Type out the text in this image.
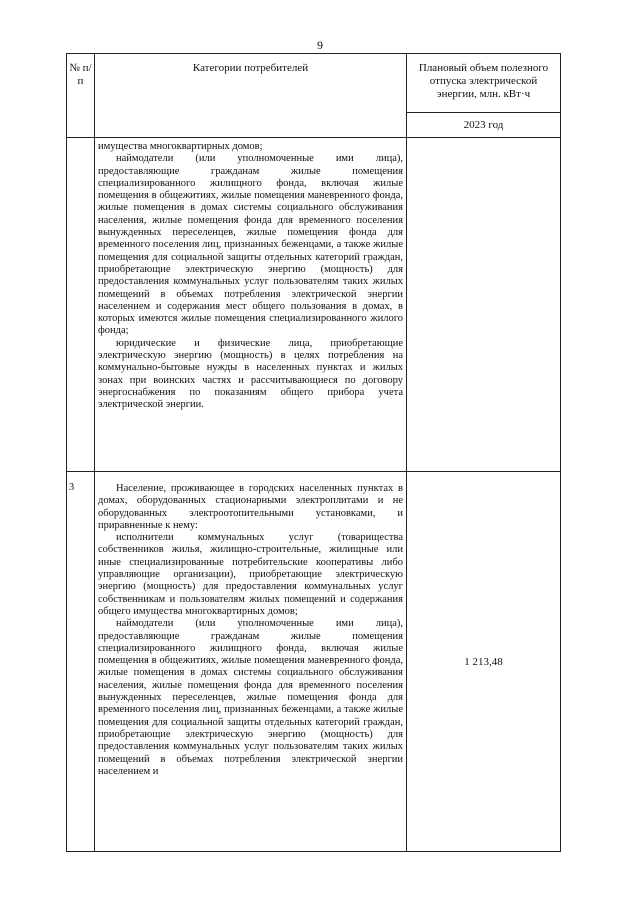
9
№ п/п	Категории потребителей	Плановый объем полезного отпуска электрической энергии, млн. кВт·ч
		2023 год

	имущества многоквартирных домов;

наймодатели (или уполномоченные ими лица), предоставляющие гражданам жилые помещения специализированного жилищного фонда, включая жилые помещения в общежитиях, жилые помещения маневренного фонда, жилые помещения в домах системы социального обслуживания населения, жилые помещения фонда для временного поселения вынужденных переселенцев, жилые помещения фонда для временного поселения лиц, признанных беженцами, а также жилые помещения для социальной защиты отдельных категорий граждан, приобретающие электрическую энергию (мощность) для предоставления коммунальных услуг пользователям таких жилых помещений в объемах потребления электрической энергии населением и содержания мест общего пользования в домах, в которых имеются жилые помещения специализированного жилого фонда;

юридические и физические лица, приобретающие электрическую энергию (мощность) в целях потребления на коммунально-бытовые нужды в населенных пунктах и жилых зонах при воинских частях и рассчитывающиеся по договору энергоснабжения по показаниям общего прибора учета электрической энергии.	

3	Население, проживающее в городских населенных пунктах в домах, оборудованных стационарными электроплитами и не оборудованных электроотопительными установками, и приравненные к нему:

исполнители коммунальных услуг (товарищества собственников жилья, жилищно-строительные, жилищные или иные специализированные потребительские кооперативы либо управляющие организации), приобретающие электрическую энергию (мощность) для предоставления коммунальных услуг собственникам и пользователям жилых помещений и содержания общего имущества многоквартирных домов;

наймодатели (или уполномоченные ими лица), предоставляющие гражданам жилые помещения специализированного жилищного фонда, включая жилые помещения в общежитиях, жилые помещения маневренного фонда, жилые помещения в домах системы социального обслуживания населения, жилые помещения фонда для временного поселения вынужденных переселенцев, жилые помещения фонда для временного поселения лиц, признанных беженцами, а также жилые помещения для социальной защиты отдельных категорий граждан, приобретающие электрическую энергию (мощность) для предоставления коммунальных услуг пользователям таких жилых помещений в объемах потребления электрической энергии населением и	1 213,48
